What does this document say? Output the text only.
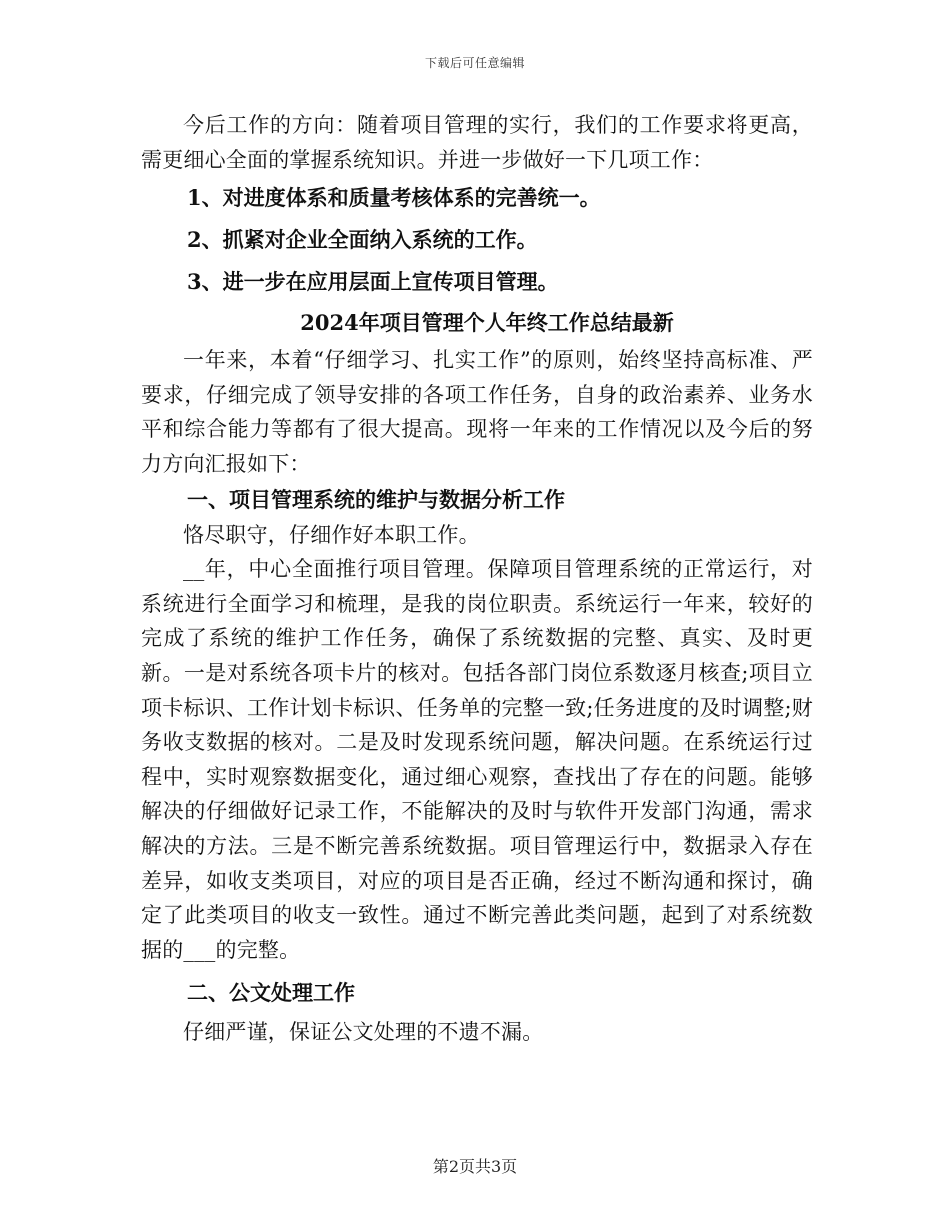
下载后可任意编辑

今后工作的方向：随着项目管理的实行，我们的工作要求将更高，需更细心全面的掌握系统知识。并进一步做好一下几项工作：

1、对进度体系和质量考核体系的完善统一。

2、抓紧对企业全面纳入系统的工作。

3、进一步在应用层面上宣传项目管理。

2024年项目管理个人年终工作总结最新

一年来，本着“仔细学习、扎实工作”的原则，始终坚持高标准、严要求，仔细完成了领导安排的各项工作任务，自身的政治素养、业务水平和综合能力等都有了很大提高。现将一年来的工作情况以及今后的努力方向汇报如下：

一、项目管理系统的维护与数据分析工作

恪尽职守，仔细作好本职工作。

__年，中心全面推行项目管理。保障项目管理系统的正常运行，对系统进行全面学习和梳理，是我的岗位职责。系统运行一年来，较好的完成了系统的维护工作任务，确保了系统数据的完整、真实、及时更新。一是对系统各项卡片的核对。包括各部门岗位系数逐月核查;项目立项卡标识、工作计划卡标识、任务单的完整一致;任务进度的及时调整;财务收支数据的核对。二是及时发现系统问题，解决问题。在系统运行过程中，实时观察数据变化，通过细心观察，查找出了存在的问题。能够解决的仔细做好记录工作，不能解决的及时与软件开发部门沟通，需求解决的方法。三是不断完善系统数据。项目管理运行中，数据录入存在差异，如收支类项目，对应的项目是否正确，经过不断沟通和探讨，确定了此类项目的收支一致性。通过不断完善此类问题，起到了对系统数据的___的完整。

二、公文处理工作

仔细严谨，保证公文处理的不遗不漏。

第2页共3页
